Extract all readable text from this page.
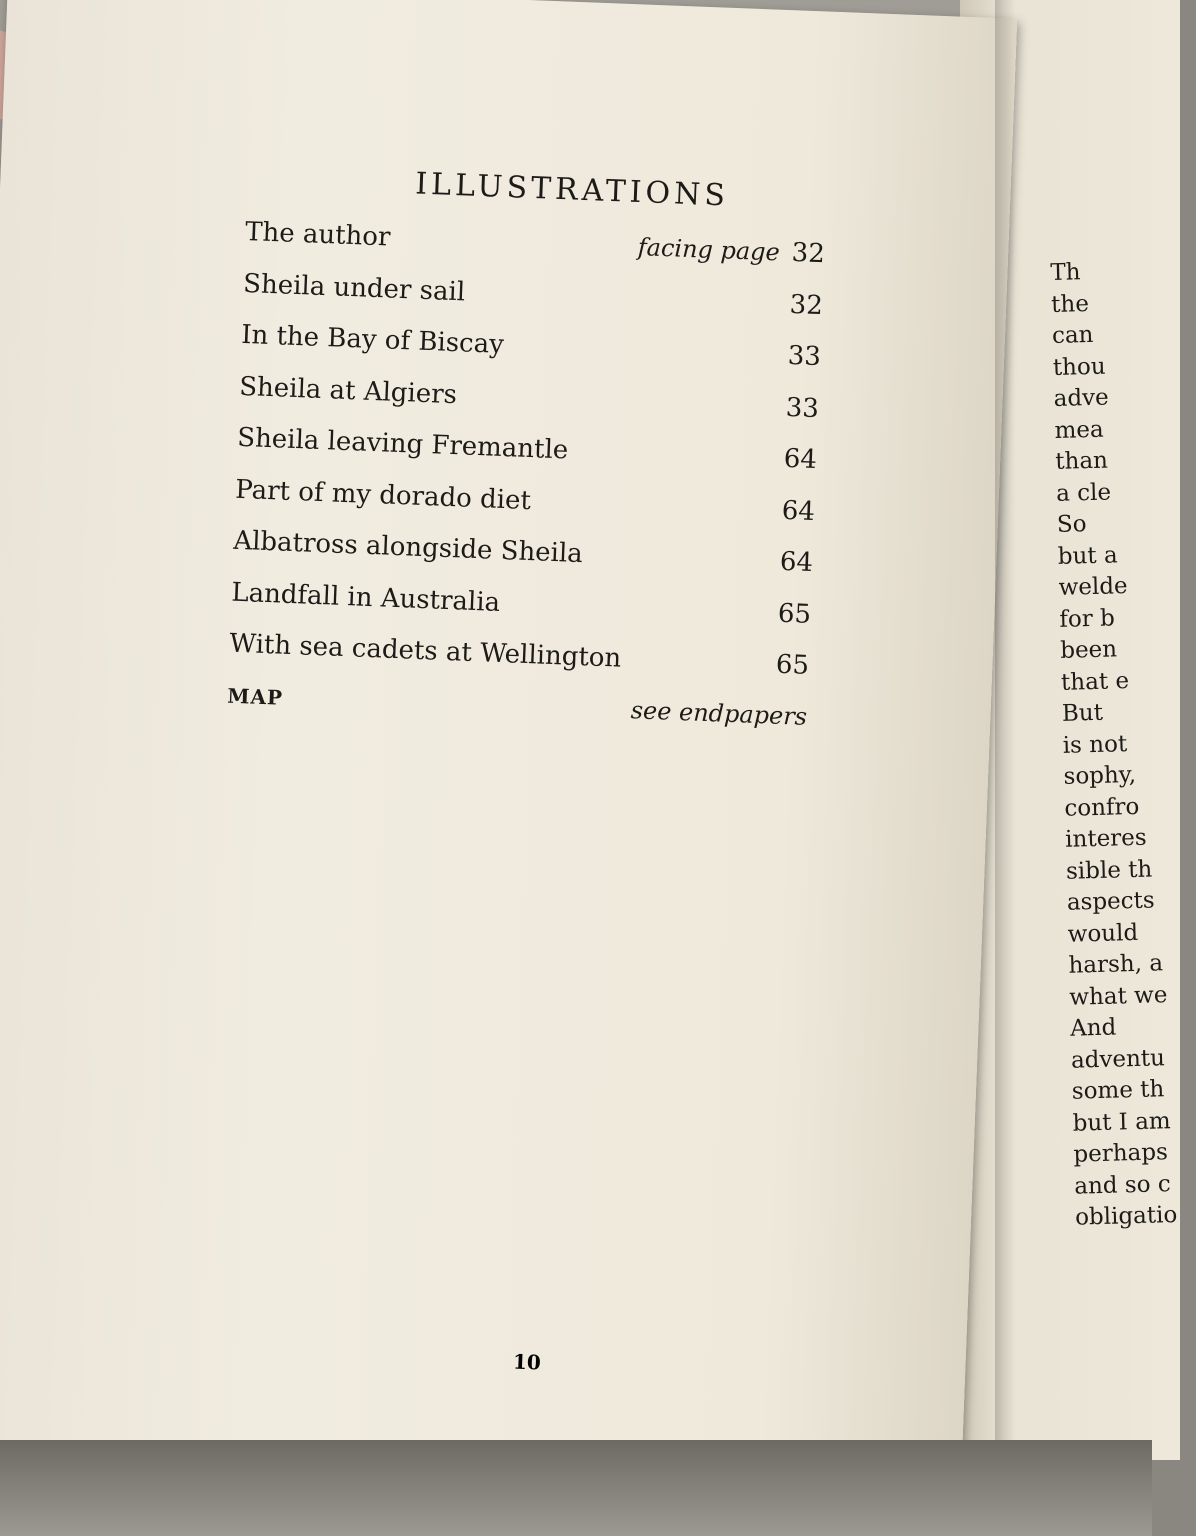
ILLUSTRATIONS
The author	facing page 32
Sheila under sail	32
In the Bay of Biscay	33
Sheila at Algiers	33
Sheila leaving Fremantle	64
Part of my dorado diet	64
Albatross alongside Sheila	64
Landfall in Australia	65
With sea cadets at Wellington	65
MAP	see endpapers
10
Th
the
can
thou
adve
mea
than
a cle
So
but a
welde
for b
been
that e
But
is not
sophy,
confro
interes
sible th
aspects
would
harsh, a
what we
And
adventu
some th
but I am
perhaps
and so c
obligatio
